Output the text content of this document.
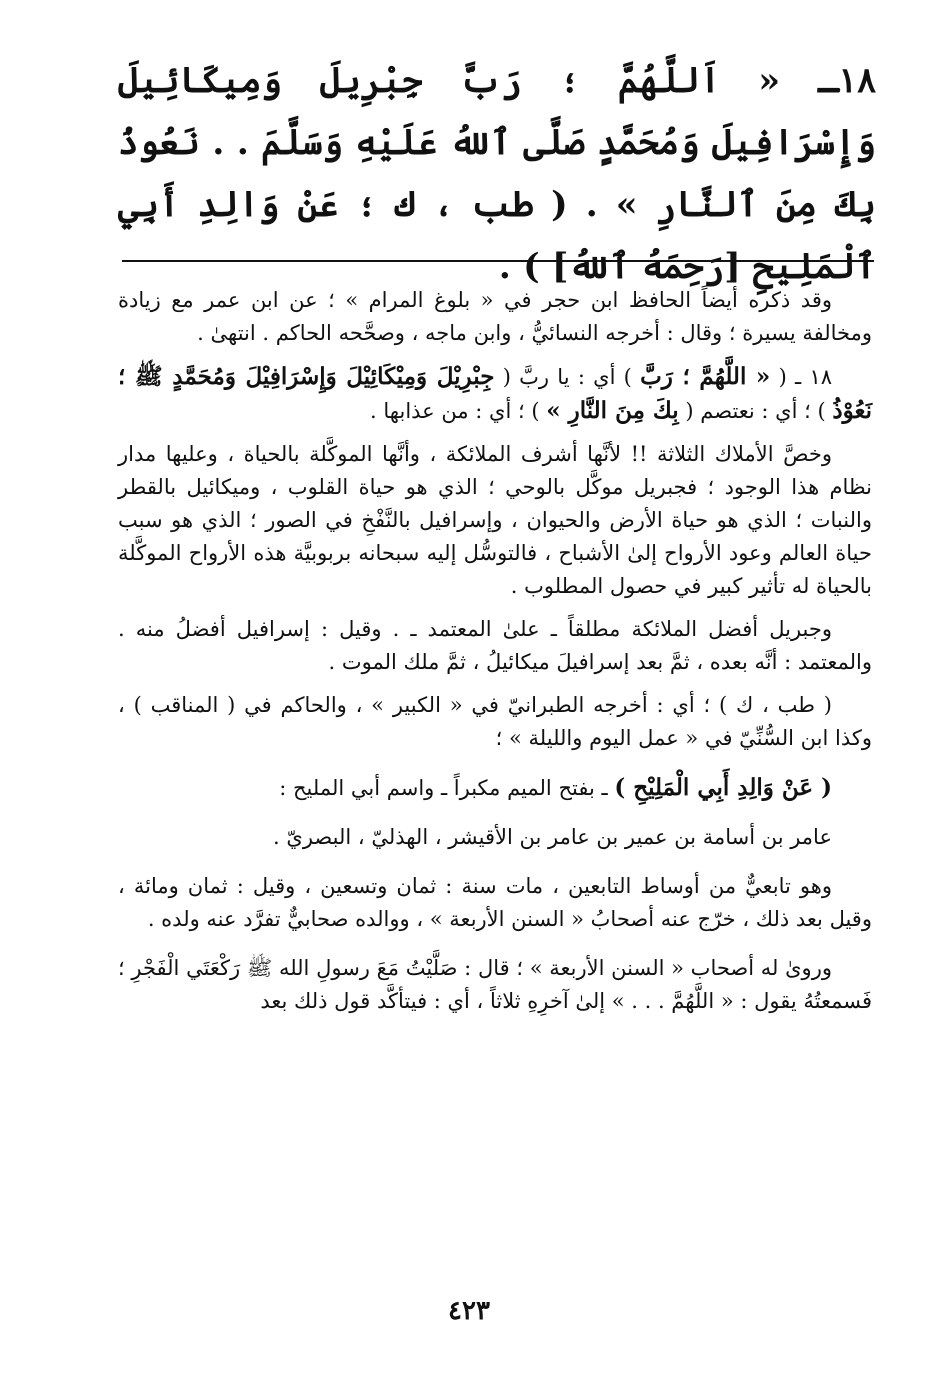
١٨ـ « اَللَّهُمَّ ؛ رَبَّ جِبْرِيلَ وَمِيكَائِيلَ وَإِسْرَافِيلَ وَمُحَمَّدٍ صَلَّى ٱللهُ عَلَيْهِ وَسَلَّمَ . . نَعُوذُ بِكَ مِنَ ٱلنَّارِ » . ( طب ، ك ؛ عَنْ وَالِدِ أَبِي ٱلْمَلِيحِ [رَحِمَهُ ٱللهُ] ) .

وقد ذكره أيضاً الحافظ ابن حجر في « بلوغ المرام » ؛ عن ابن عمر مع زيادة ومخالفة يسيرة ؛ وقال : أخرجه النسائيُّ ، وابن ماجه ، وصحَّحه الحاكم . انتهىٰ .

١٨ ـ ( « اللَّهُمَّ ؛ رَبَّ ) أي : يا ربَّ ( جِبْرِيْلَ وَمِيْكَائِيْلَ وَإِسْرَافِيْلَ وَمُحَمَّدٍ ﷺ ؛ نَعُوْذُ ) ؛ أي : نعتصم ( بِكَ مِنَ النَّارِ » ) ؛ أي : من عذابها .

وخصَّ الأملاك الثلاثة !! لأنَّها أشرف الملائكة ، وأنَّها الموكَّلة بالحياة ، وعليها مدار نظام هذا الوجود ؛ فجبريل موكَّل بالوحي ؛ الذي هو حياة القلوب ، وميكائيل بالقطر والنبات ؛ الذي هو حياة الأرض والحيوان ، وإسرافيل بالنَّفْخِ في الصور ؛ الذي هو سبب حياة العالم وعود الأرواح إلىٰ الأشباح ، فالتوسُّل إليه سبحانه بربوبيَّة هذه الأرواح الموكَّلة بالحياة له تأثير كبير في حصول المطلوب .

وجبريل أفضل الملائكة مطلقاً ـ علىٰ المعتمد ـ . وقيل : إسرافيل أفضلُ منه . والمعتمد : أنَّه بعده ، ثمَّ بعد إسرافيلَ ميكائيلُ ، ثمَّ ملك الموت .

( طب ، ك ) ؛ أي : أخرجه الطبرانيّ في « الكبير » ، والحاكم في ( المناقب ) ، وكذا ابن السُّنِّيّ في « عمل اليوم والليلة » ؛

( عَنْ وَالِدِ أَبِي الْمَلِيْحِ ) ـ بفتح الميم مكبراً ـ واسم أبي المليح :

عامر بن أسامة بن عمير بن عامر بن الأقيشر ، الهذليّ ، البصريّ .

وهو تابعيٌّ من أوساط التابعين ، مات سنة : ثمان وتسعين ، وقيل : ثمان ومائة ، وقيل بعد ذلك ، خرّج عنه أصحابُ « السنن الأربعة » ، ووالده صحابيٌّ تفرَّد عنه ولده .

وروىٰ له أصحاب « السنن الأربعة » ؛ قال : صَلَّيْتُ مَعَ رسولِ الله ﷺ رَكْعَتَي الْفَجْرِ ؛ فَسمعتُهُ يقول : « اللَّهُمَّ . . . » إلىٰ آخرِهِ ثلاثاً ، أي : فيتأكَّد قول ذلك بعد

٤٢٣
